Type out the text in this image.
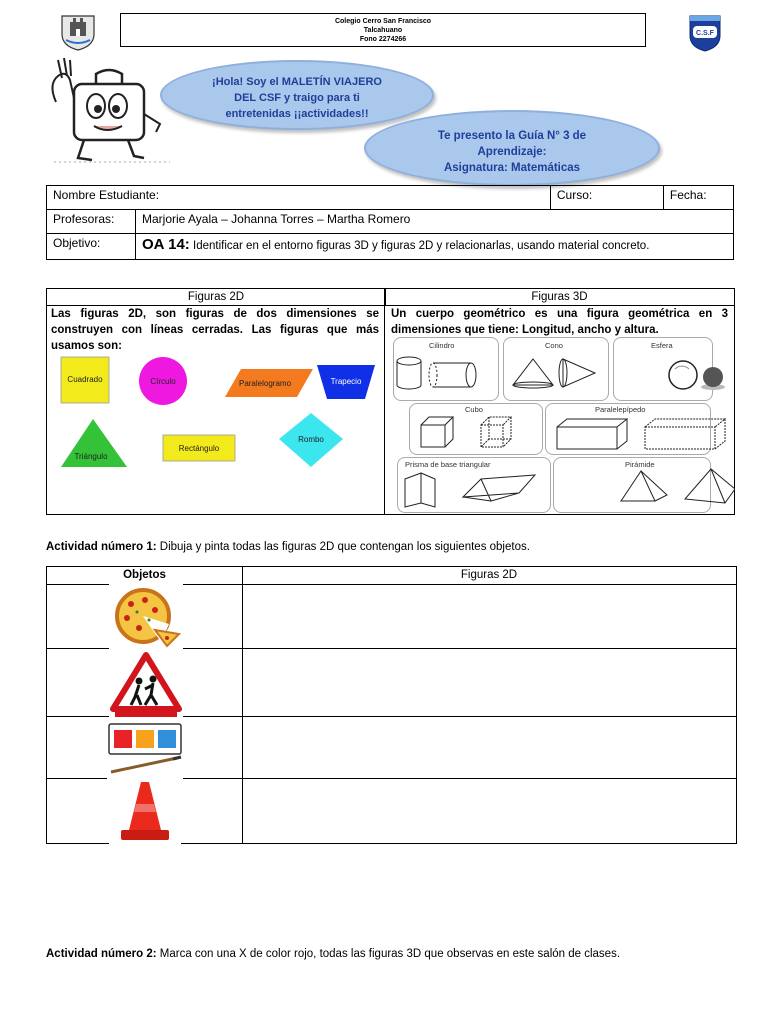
Colegio Cerro San Francisco
Talcahuano
Fono 2274266
C.S.F
¡Hola! Soy el MALETÍN VIAJERO
DEL CSF y traigo para ti
entretenidas ¡¡actividades!!
Te presento la Guía N° 3 de
Aprendizaje:
Asignatura: Matemáticas
Nombre Estudiante:		Curso:	Fecha:
Profesoras:	Marjorie Ayala – Johanna Torres – Martha Romero		
Objetivo:	OA 14: Identificar en el entorno figuras 3D y figuras 2D y relacionarlas, usando material concreto.		
Figuras 2D	Figuras 3D
Las figuras 2D, son figuras de dos dimensiones se construyen con líneas cerradas. Las figuras que más usamos son:
Un cuerpo geométrico es una figura geométrica en 3 dimensiones que tiene: Longitud, ancho y altura.
Cuadrado	Círculo	Paralelogramo	Trapecio
Triángulo
Rectángulo
Rombo
Cilindro	Cono	Esfera
Cubo	Paralelepípedo
Prisma de base triangular	Pirámide
Actividad número 1: Dibuja y pinta todas las figuras 2D que contengan los siguientes objetos.
Objetos	Figuras 2D
Actividad número 2: Marca con una X de color rojo, todas las figuras 3D que observas en este salón de clases.
